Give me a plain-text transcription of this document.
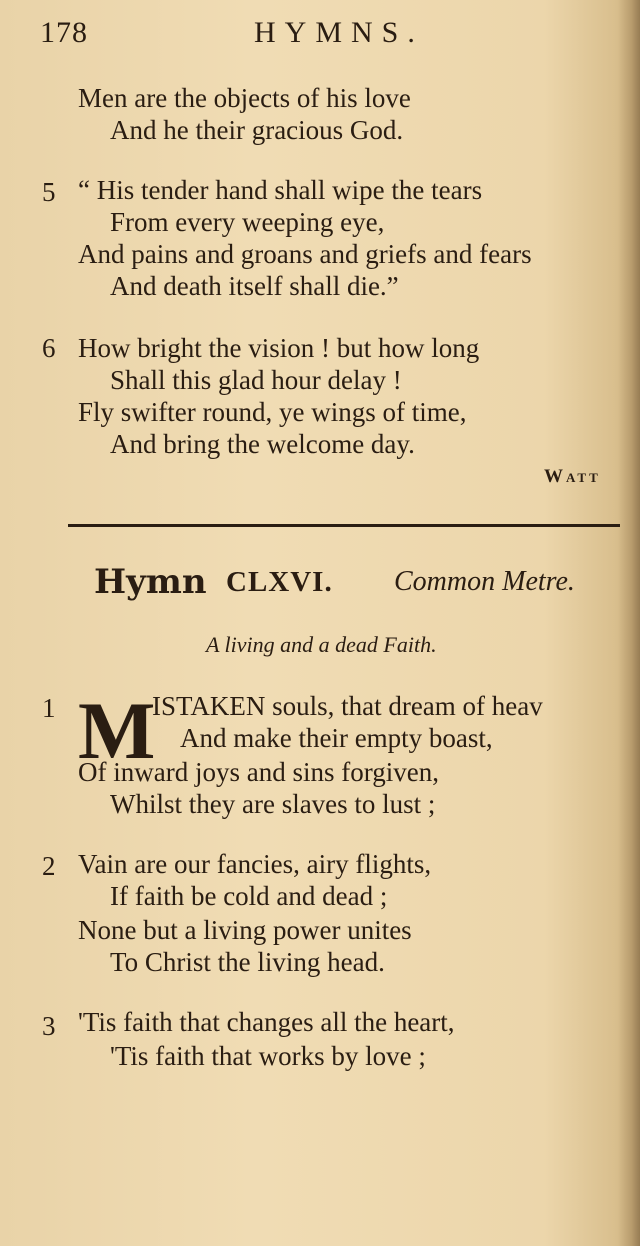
178	HYMNS.
Men are the objects of his love
And he their gracious God.
5 “ His tender hand shall wipe the tears
From every weeping eye,
And pains and groans and griefs and fears
And death itself shall die.”
6 How bright the vision ! but how long
Shall this glad hour delay !
Fly swifter round, ye wings of time,
And bring the welcome day.
Watt
Hymn CLXVI. Common Metre.
A living and a dead Faith.
1 M
ISTAKEN souls, that dream of heav
And make their empty boast,
Of inward joys and sins forgiven,
Whilst they are slaves to lust ;
2 Vain are our fancies, airy flights,
If faith be cold and dead ;
None but a living power unites
To Christ the living head.
3 'Tis faith that changes all the heart,
'Tis faith that works by love ;
